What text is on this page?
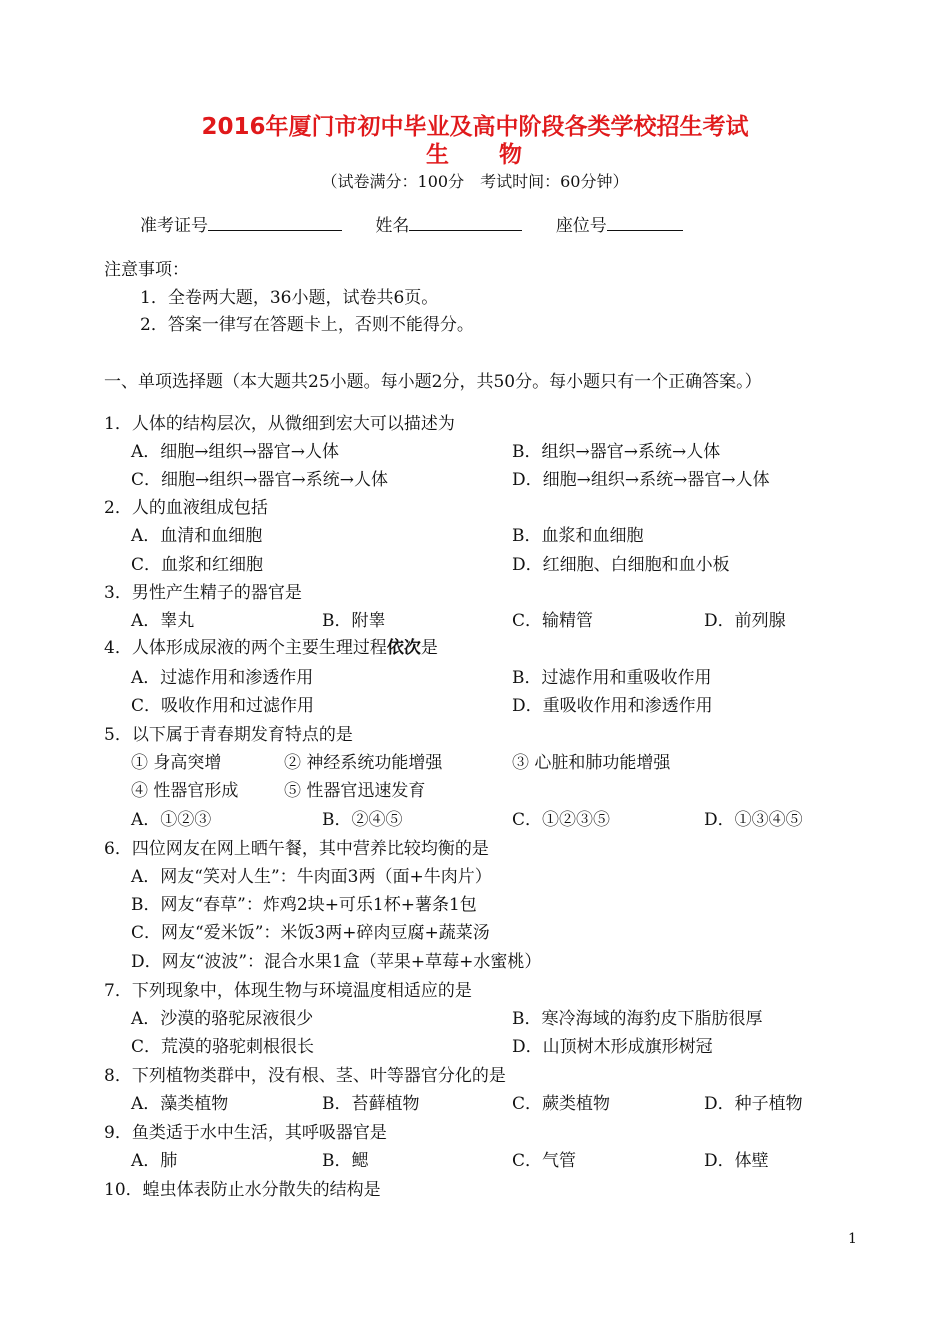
2016年厦门市初中毕业及高中阶段各类学校招生考试
生 物
（试卷满分：100分　考试时间：60分钟）
准考证号	姓名	座位号
注意事项：
1．全卷两大题，36小题，试卷共6页。
2．答案一律写在答题卡上，否则不能得分。
一、单项选择题（本大题共25小题。每小题2分，共50分。每小题只有一个正确答案。）
1．人体的结构层次，从微细到宏大可以描述为
A．细胞→组织→器官→人体	B．组织→器官→系统→人体
C．细胞→组织→器官→系统→人体	D．细胞→组织→系统→器官→人体
2．人的血液组成包括
A．血清和血细胞	B．血浆和血细胞
C．血浆和红细胞	D．红细胞、白细胞和血小板
3．男性产生精子的器官是
A．睾丸	B．附睾	C．输精管	D．前列腺
4．人体形成尿液的两个主要生理过程依次是
A．过滤作用和渗透作用	B．过滤作用和重吸收作用
C．吸收作用和过滤作用	D．重吸收作用和渗透作用
5．以下属于青春期发育特点的是
① 身高突增	② 神经系统功能增强	③ 心脏和肺功能增强
④ 性器官形成	⑤ 性器官迅速发育
A．①②③	B．②④⑤	C．①②③⑤	D．①③④⑤
6．四位网友在网上晒午餐，其中营养比较均衡的是
A．网友“笑对人生”：牛肉面3两（面+牛肉片）
B．网友“春草”：炸鸡2块+可乐1杯+薯条1包
C．网友“爱米饭”：米饭3两+碎肉豆腐+蔬菜汤
D．网友“波波”：混合水果1盒（苹果+草莓+水蜜桃）
7．下列现象中，体现生物与环境温度相适应的是
A．沙漠的骆驼尿液很少	B．寒冷海域的海豹皮下脂肪很厚
C．荒漠的骆驼刺根很长	D．山顶树木形成旗形树冠
8．下列植物类群中，没有根、茎、叶等器官分化的是
A．藻类植物	B．苔藓植物	C．蕨类植物	D．种子植物
9．鱼类适于水中生活，其呼吸器官是
A．肺	B．鳃	C．气管	D．体壁
10．蝗虫体表防止水分散失的结构是
1
